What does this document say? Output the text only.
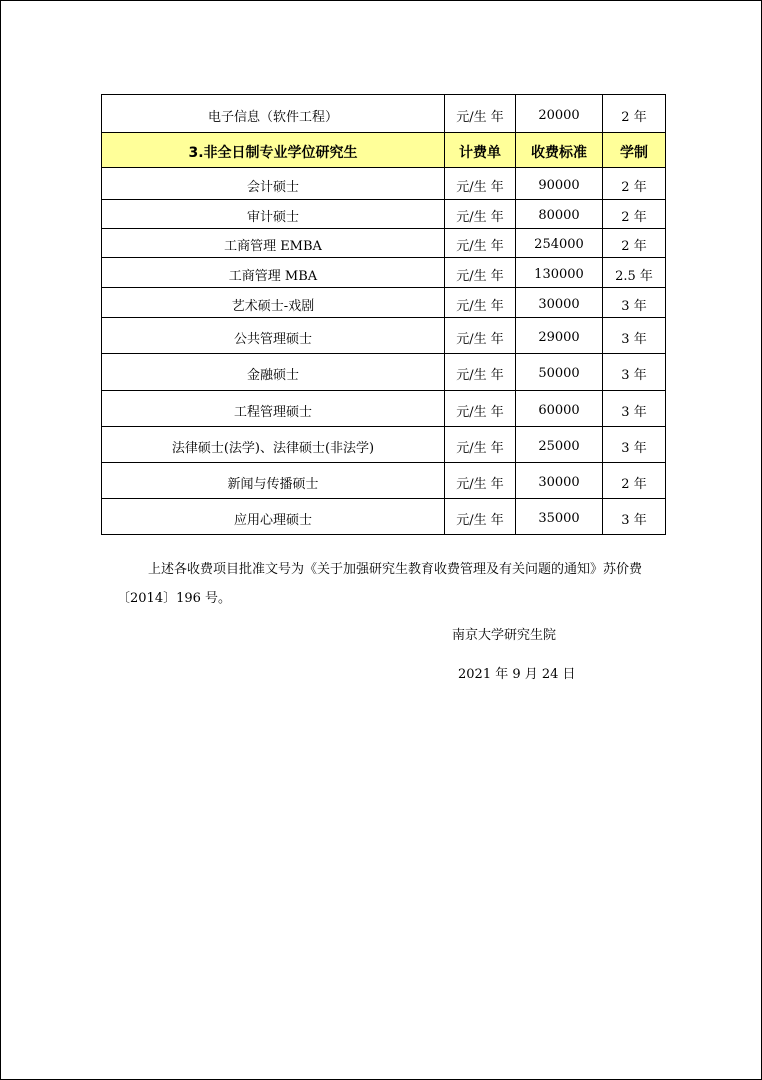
电子信息（软件工程）	元/生 年	20000	2 年
3.非全日制专业学位研究生	计费单	收费标准	学制
会计硕士	元/生 年	90000	2 年
审计硕士	元/生 年	80000	2 年
工商管理 EMBA	元/生 年	254000	2 年
工商管理 MBA	元/生 年	130000	2.5 年
艺术硕士-戏剧	元/生 年	30000	3 年
公共管理硕士	元/生 年	29000	3 年
金融硕士	元/生 年	50000	3 年
工程管理硕士	元/生 年	60000	3 年
法律硕士(法学)、法律硕士(非法学)	元/生 年	25000	3 年
新闻与传播硕士	元/生 年	30000	2 年
应用心理硕士	元/生 年	35000	3 年

上述各收费项目批准文号为《关于加强研究生教育收费管理及有关问题的通知》苏价费〔2014〕196 号。

南京大学研究生院
2021 年 9 月 24 日
